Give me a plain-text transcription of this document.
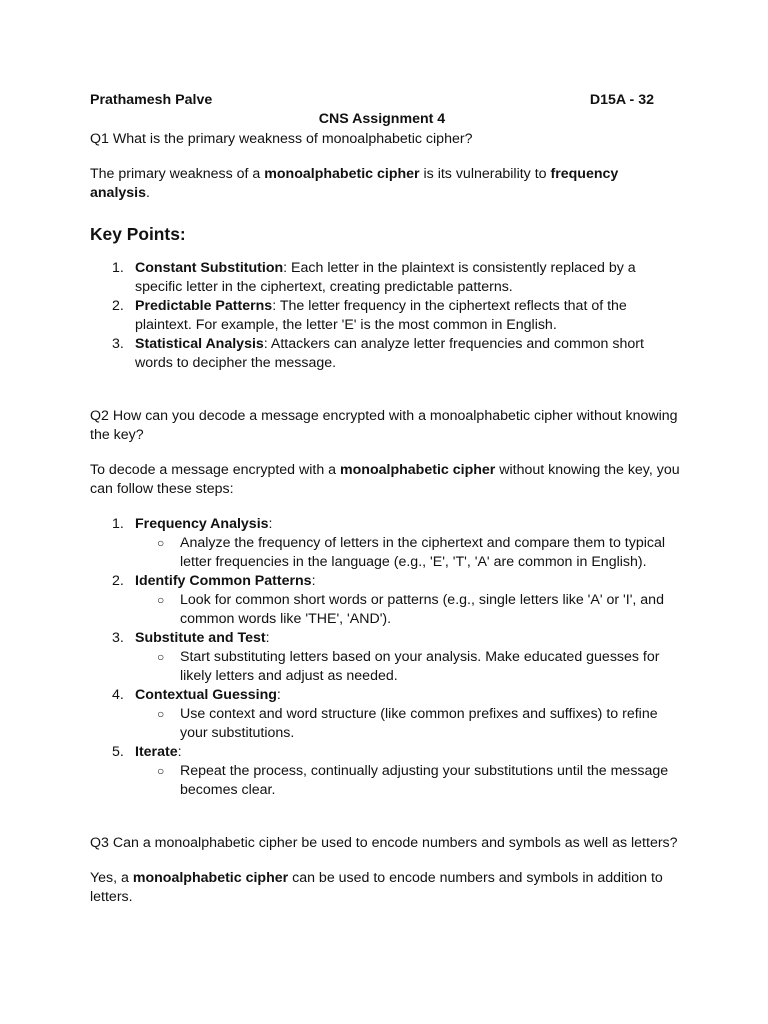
Prathamesh Palve	D15A - 32
CNS Assignment 4

Q1 What is the primary weakness of monoalphabetic cipher?

The primary weakness of a monoalphabetic cipher is its vulnerability to frequency analysis.

Key Points:
1. Constant Substitution: Each letter in the plaintext is consistently replaced by a specific letter in the ciphertext, creating predictable patterns.
2. Predictable Patterns: The letter frequency in the ciphertext reflects that of the plaintext. For example, the letter 'E' is the most common in English.
3. Statistical Analysis: Attackers can analyze letter frequencies and common short words to decipher the message.

Q2 How can you decode a message encrypted with a monoalphabetic cipher without knowing the key?

To decode a message encrypted with a monoalphabetic cipher without knowing the key, you can follow these steps:

1. Frequency Analysis:
○ Analyze the frequency of letters in the ciphertext and compare them to typical letter frequencies in the language (e.g., 'E', 'T', 'A' are common in English).
2. Identify Common Patterns:
○ Look for common short words or patterns (e.g., single letters like 'A' or 'I', and common words like 'THE', 'AND').
3. Substitute and Test:
○ Start substituting letters based on your analysis. Make educated guesses for likely letters and adjust as needed.
4. Contextual Guessing:
○ Use context and word structure (like common prefixes and suffixes) to refine your substitutions.
5. Iterate:
○ Repeat the process, continually adjusting your substitutions until the message becomes clear.

Q3 Can a monoalphabetic cipher be used to encode numbers and symbols as well as letters?

Yes, a monoalphabetic cipher can be used to encode numbers and symbols in addition to letters.
